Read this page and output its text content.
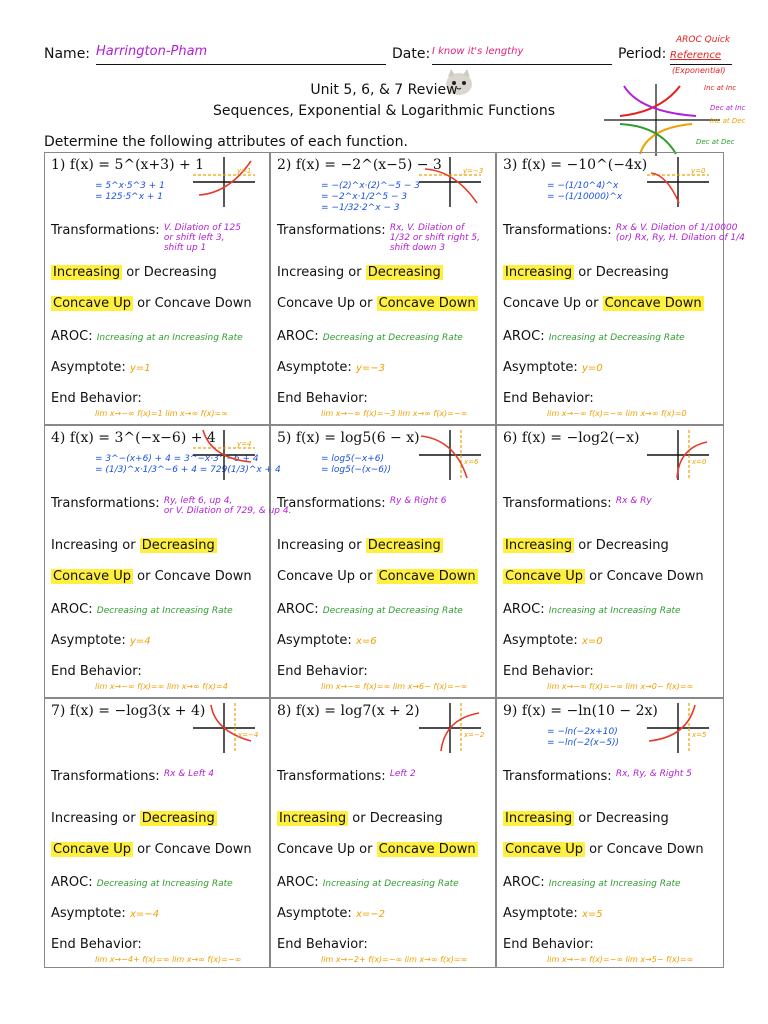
Name: Harrington-Pham	Date: I know it's lengthy	Period: Reference
AROC Quick
(Exponential)
Unit 5, 6, & 7 Review
Sequences, Exponential & Logarithmic Functions
Inc at Inc
Dec at Inc
Inc at Dec
Dec at Dec
Determine the following attributes of each function.
1) f(x) = 5^(x+3) + 1
= 5^x·5^3 + 1
= 125·5^x + 1
y=1
Transformations: V. Dilation of 125
or shift left 3,
shift up 1
Increasing or Decreasing
Concave Up or Concave Down
AROC: Increasing at an Increasing Rate
Asymptote: y=1
End Behavior:
lim x→−∞ f(x)=1 lim x→∞ f(x)=∞
2) f(x) = −2^(x−5) − 3
= −(2)^x·(2)^−5 − 3
= −2^x·1/2^5 − 3
= −1/32·2^x − 3
y=−3
Transformations: Rx, V. Dilation of
1/32 or shift right 5,
shift down 3
Increasing or Decreasing
Concave Up or Concave Down
AROC: Decreasing at Decreasing Rate
Asymptote: y=−3
End Behavior:
lim x→−∞ f(x)=−3 lim x→∞ f(x)=−∞
3) f(x) = −10^(−4x)
= −(1/10^4)^x
= −(1/10000)^x
y=0
Transformations: Rx & V. Dilation of 1/10000
(or) Rx, Ry, H. Dilation of 1/4
Increasing or Decreasing
Concave Up or Concave Down
AROC: Increasing at Decreasing Rate
Asymptote: y=0
End Behavior:
lim x→−∞ f(x)=−∞ lim x→∞ f(x)=0
4) f(x) = 3^(−x−6) + 4
= 3^−(x+6) + 4 = 3^−x·3^−6 + 4
= (1/3)^x·1/3^−6 + 4 = 729(1/3)^x + 4
y=4
Transformations: Ry, left 6, up 4,
or V. Dilation of 729, & up 4.
Increasing or Decreasing
Concave Up or Concave Down
AROC: Decreasing at Increasing Rate
Asymptote: y=4
End Behavior:
lim x→−∞ f(x)=∞ lim x→∞ f(x)=4
5) f(x) = log5(6 − x)
= log5(−x+6)
= log5(−(x−6))
x=6
Transformations: Ry & Right 6
Increasing or Decreasing
Concave Up or Concave Down
AROC: Decreasing at Decreasing Rate
Asymptote: x=6
End Behavior:
lim x→−∞ f(x)=∞ lim x→6− f(x)=−∞
6) f(x) = −log2(−x)
x=0
Transformations: Rx & Ry
Increasing or Decreasing
Concave Up or Concave Down
AROC: Increasing at Increasing Rate
Asymptote: x=0
End Behavior:
lim x→−∞ f(x)=−∞ lim x→0− f(x)=∞
7) f(x) = −log3(x + 4)
x=−4
Transformations: Rx & Left 4
Increasing or Decreasing
Concave Up or Concave Down
AROC: Decreasing at Increasing Rate
Asymptote: x=−4
End Behavior:
lim x→−4+ f(x)=∞ lim x→∞ f(x)=−∞
8) f(x) = log7(x + 2)
x=−2
Transformations: Left 2
Increasing or Decreasing
Concave Up or Concave Down
AROC: Increasing at Decreasing Rate
Asymptote: x=−2
End Behavior:
lim x→−2+ f(x)=−∞ lim x→∞ f(x)=∞
9) f(x) = −ln(10 − 2x)
= −ln(−2x+10)
= −ln(−2(x−5))
x=5
Transformations: Rx, Ry, & Right 5
Increasing or Decreasing
Concave Up or Concave Down
AROC: Increasing at Increasing Rate
Asymptote: x=5
End Behavior:
lim x→−∞ f(x)=−∞ lim x→5− f(x)=∞
